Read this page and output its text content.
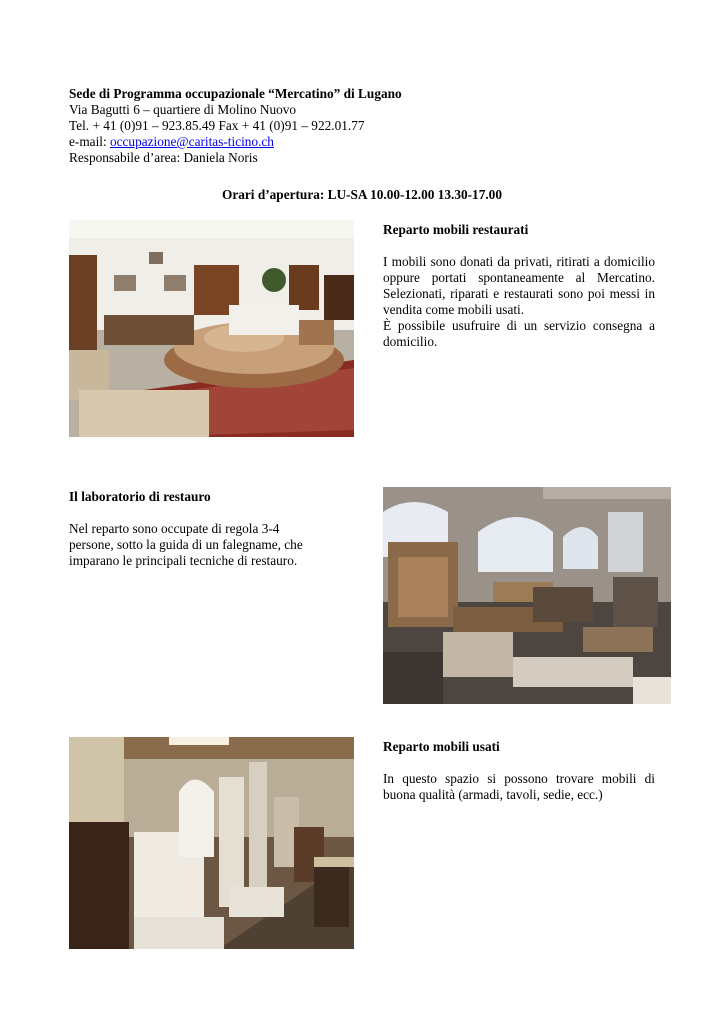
Sede di Programma occupazionale “Mercatino” di Lugano
Via Bagutti 6 – quartiere di Molino Nuovo
Tel. + 41 (0)91 – 923.85.49 Fax + 41 (0)91 – 922.01.77
e-mail: occupazione@caritas-ticino.ch
Responsabile d’area: Daniela Noris
Orari d’apertura: LU-SA 10.00-12.00 13.30-17.00
Reparto mobili restaurati

I mobili sono donati da privati, ritirati a domicilio oppure portati spontaneamente al Mercatino. Selezionati, riparati e restaurati sono poi messi in vendita come mobili usati.

È possibile usufruire di un servizio consegna a domicilio.

Il laboratorio di restauro

Nel reparto sono occupate di regola 3-4 persone, sotto la guida di un falegname, che imparano le principali tecniche di restauro.

Reparto mobili usati

In questo spazio si possono trovare mobili di buona qualità (armadi, tavoli, sedie, ecc.)
